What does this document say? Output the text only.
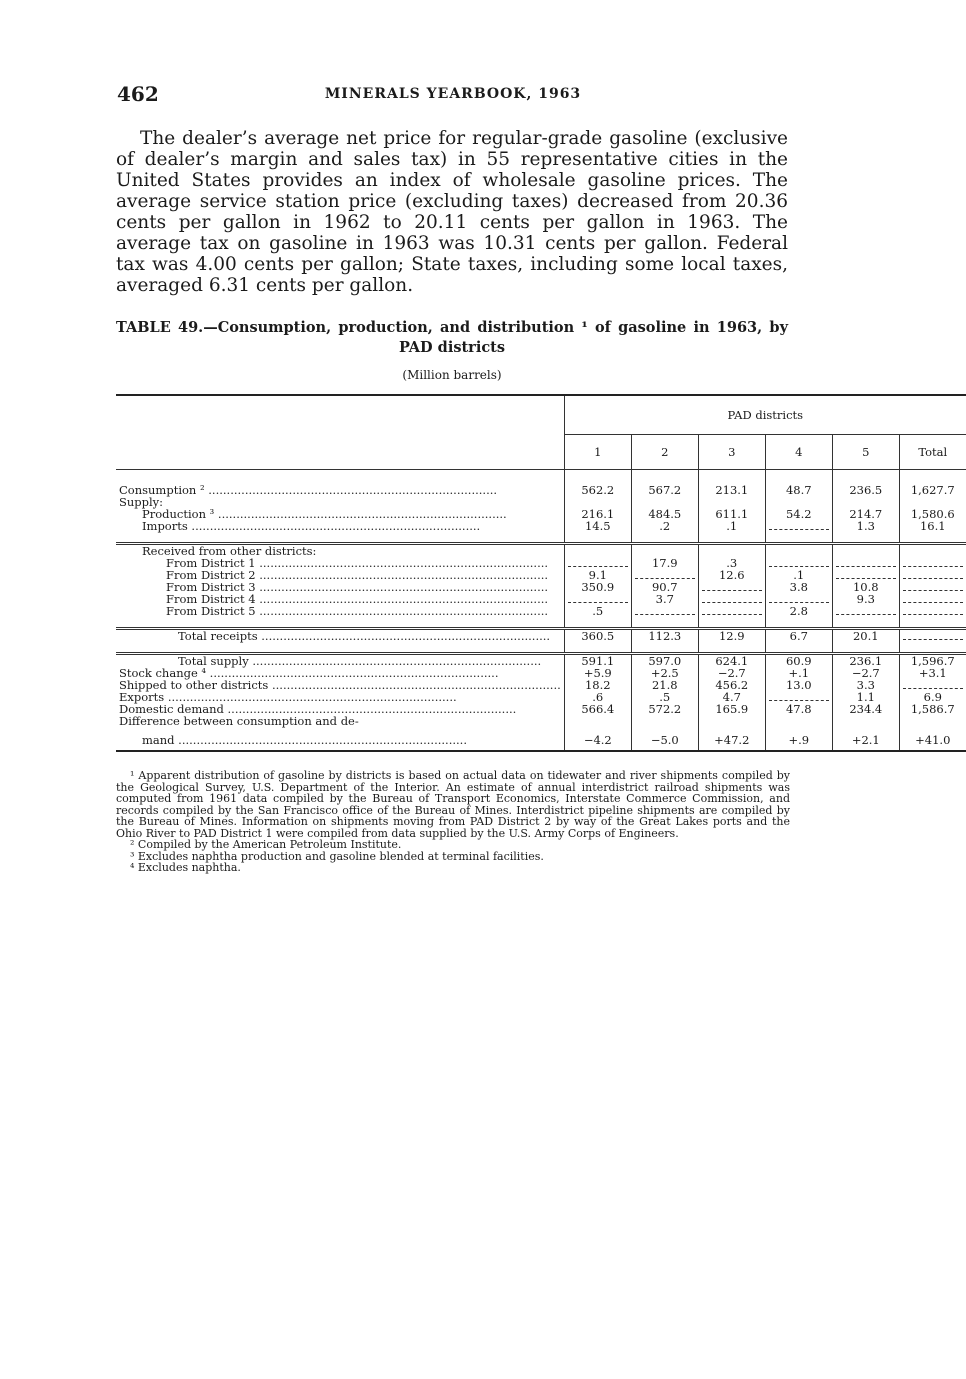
462	MINERALS YEARBOOK, 1963

The dealer’s average net price for regular-grade gasoline (exclusive of dealer’s margin and sales tax) in 55 representative cities in the United States provides an index of wholesale gasoline prices. The average service station price (excluding taxes) decreased from 20.36 cents per gallon in 1962 to 20.11 cents per gallon in 1963. The average tax on gasoline in 1963 was 10.31 cents per gallon. Federal tax was 4.00 cents per gallon; State taxes, including some local taxes, averaged 6.31 cents per gallon.

TABLE 49.—Consumption, production, and distribution ¹ of gasoline in 1963, by
PAD districts
(Million barrels)
	PAD districts					
	1	2	3	4	5	Total
Consumption ² .....	562.2	567.2	213.1	48.7	236.5	1,627.7
Supply:						
Production ³ .....	216.1	484.5	611.1	54.2	214.7	1,580.6
Imports .....	14.5	.2	.1		1.3	16.1

Received from other districts:						
From District 1 .....		17.9	.3			
From District 2 .....	9.1		12.6	.1		
From District 3 .....	350.9	90.7		3.8	10.8	
From District 4 .....		3.7			9.3	
From District 5 .....	.5			2.8		

Total receipts .....	360.5	112.3	12.9	6.7	20.1	

Total supply .....	591.1	597.0	624.1	60.9	236.1	1,596.7
Stock change ⁴ .....	+5.9	+2.5	−2.7	+.1	−2.7	+3.1
Shipped to other districts .....	18.2	21.8	456.2	13.0	3.3	
Exports .....	.6	.5	4.7		1.1	6.9
Domestic demand .....	566.4	572.2	165.9	47.8	234.4	1,586.7
Difference between consumption and de-						
mand .....	−4.2	−5.0	+47.2	+.9	+2.1	+41.0

¹ Apparent distribution of gasoline by districts is based on actual data on tidewater and river shipments compiled by the Geological Survey, U.S. Department of the Interior. An estimate of annual interdistrict railroad shipments was computed from 1961 data compiled by the Bureau of Transport Economics, Interstate Commerce Commission, and records compiled by the San Francisco office of the Bureau of Mines. Interdistrict pipeline shipments are compiled by the Bureau of Mines. Information on shipments moving from PAD District 2 by way of the Great Lakes ports and the Ohio River to PAD District 1 were compiled from data supplied by the U.S. Army Corps of Engineers.

² Compiled by the American Petroleum Institute.

³ Excludes naphtha production and gasoline blended at terminal facilities.

⁴ Excludes naphtha.
